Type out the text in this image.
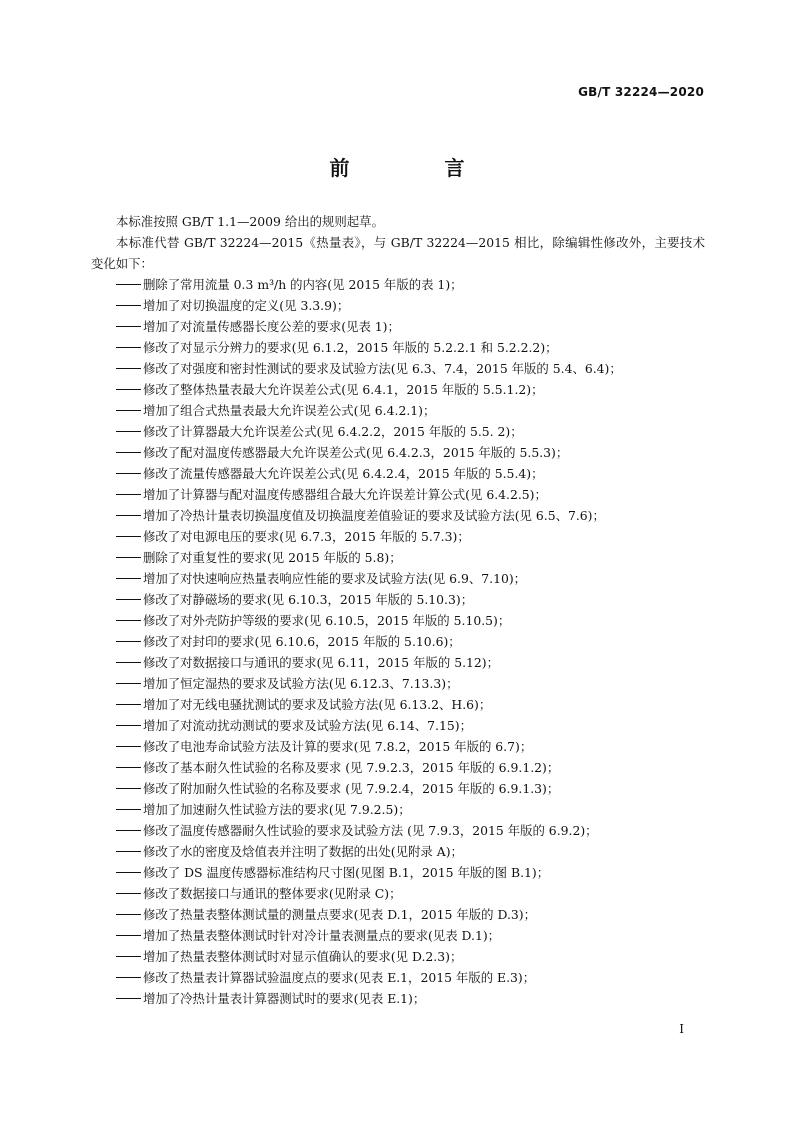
GB/T 32224—2020
前 言

本标准按照 GB/T 1.1—2009 给出的规则起草。

本标准代替 GB/T 32224—2015《热量表》，与 GB/T 32224—2015 相比，除编辑性修改外，主要技术变化如下：

删除了常用流量 0.3 m³/h 的内容(见 2015 年版的表 1)；

增加了对切换温度的定义(见 3.3.9)；

增加了对流量传感器长度公差的要求(见表 1)；

修改了对显示分辨力的要求(见 6.1.2，2015 年版的 5.2.2.1 和 5.2.2.2)；

修改了对强度和密封性测试的要求及试验方法(见 6.3、7.4，2015 年版的 5.4、6.4)；

修改了整体热量表最大允许误差公式(见 6.4.1，2015 年版的 5.5.1.2)；

增加了组合式热量表最大允许误差公式(见 6.4.2.1)；

修改了计算器最大允许误差公式(见 6.4.2.2，2015 年版的 5.5. 2)；

修改了配对温度传感器最大允许误差公式(见 6.4.2.3，2015 年版的 5.5.3)；

修改了流量传感器最大允许误差公式(见 6.4.2.4，2015 年版的 5.5.4)；

增加了计算器与配对温度传感器组合最大允许误差计算公式(见 6.4.2.5)；

增加了冷热计量表切换温度值及切换温度差值验证的要求及试验方法(见 6.5、7.6)；

修改了对电源电压的要求(见 6.7.3，2015 年版的 5.7.3)；

删除了对重复性的要求(见 2015 年版的 5.8)；

增加了对快速响应热量表响应性能的要求及试验方法(见 6.9、7.10)；

修改了对静磁场的要求(见 6.10.3，2015 年版的 5.10.3)；

修改了对外壳防护等级的要求(见 6.10.5，2015 年版的 5.10.5)；

修改了对封印的要求(见 6.10.6，2015 年版的 5.10.6)；

修改了对数据接口与通讯的要求(见 6.11，2015 年版的 5.12)；

增加了恒定湿热的要求及试验方法(见 6.12.3、7.13.3)；

增加了对无线电骚扰测试的要求及试验方法(见 6.13.2、H.6)；

增加了对流动扰动测试的要求及试验方法(见 6.14、7.15)；

修改了电池寿命试验方法及计算的要求(见 7.8.2，2015 年版的 6.7)；

修改了基本耐久性试验的名称及要求 (见 7.9.2.3，2015 年版的 6.9.1.2)；

修改了附加耐久性试验的名称及要求 (见 7.9.2.4，2015 年版的 6.9.1.3)；

增加了加速耐久性试验方法的要求(见 7.9.2.5)；

修改了温度传感器耐久性试验的要求及试验方法 (见 7.9.3，2015 年版的 6.9.2)；

修改了水的密度及焓值表并注明了数据的出处(见附录 A)；

修改了 DS 温度传感器标准结构尺寸图(见图 B.1，2015 年版的图 B.1)；

修改了数据接口与通讯的整体要求(见附录 C)；

修改了热量表整体测试量的测量点要求(见表 D.1，2015 年版的 D.3)；

增加了热量表整体测试时针对冷计量表测量点的要求(见表 D.1)；

增加了热量表整体测试时对显示值确认的要求(见 D.2.3)；

修改了热量表计算器试验温度点的要求(见表 E.1，2015 年版的 E.3)；

增加了冷热计量表计算器测试时的要求(见表 E.1)；

I
